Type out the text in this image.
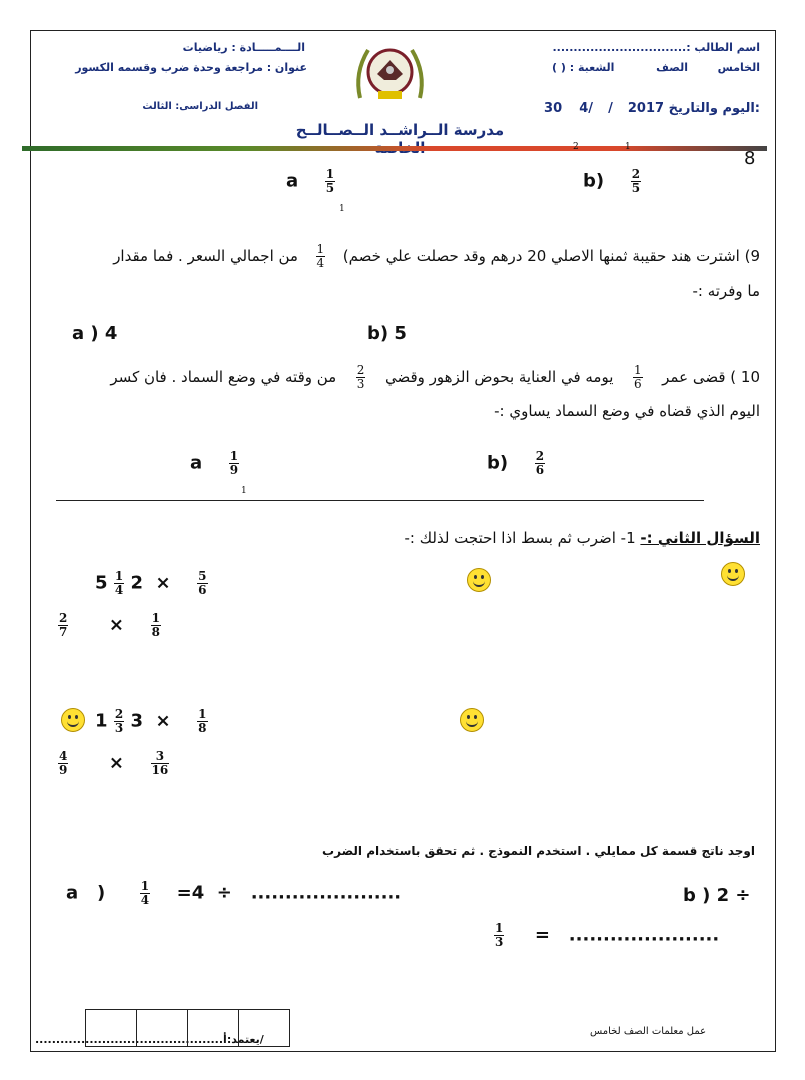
اسم الطالب :................................
الشعبة : ( )	الخامس  الصف
30 4/ / 2017 اليوم والتاريخ:
الــــمـــــادة : رياضيات
عنوان : مراجعة وحدة ضرب وقسمه الكسور
الفصل الدراسى: الثالث
مدرسة الــراشــد الــصــالــح
8
2	1
a $\frac{1}{5}$	$b) \frac{2}{5}$
1
9) اشترت هند حقيبة ثمنها الاصلي 20 درهم وقد حصلت علي خصم)
$\frac{1}{4}$
من اجمالي السعر . فما مقدار
ما وفرته :-
a ) 4	b) 5
10 ) قضى عمر
$\frac{1}{6}$
يومه في العناية بحوض الزهور وقضي
$\frac{2}{3}$
من وقته في وضع السماد . فان كسر
اليوم الذي قضاه في وضع السماد يساوي :-
a $\frac{1}{9}$	$b) \frac{2}{6}$
1
السؤال الثاني :- 1- اضرب ثم بسط اذا احتجت لذلك :-
$5 \frac{1}{4} 2 \times \frac{5}{6}$
$\frac{2}{7} \times \frac{1}{8}$
$1 \frac{2}{3} 3 \times \frac{1}{8}$
$\frac{4}{9} \times \frac{3}{16}$
اوجد ناتج قسمة كل ممايلي . استخدم النموذج . ثم تحقق باستخدام الضرب
a   )	$\frac{1}{4} =4$  ÷   ......................	b ) 2 ÷
$\frac{1}{3}$ =   ......................
عمل معلمات الصف لخامس
/يعتمد:أ.............................................
